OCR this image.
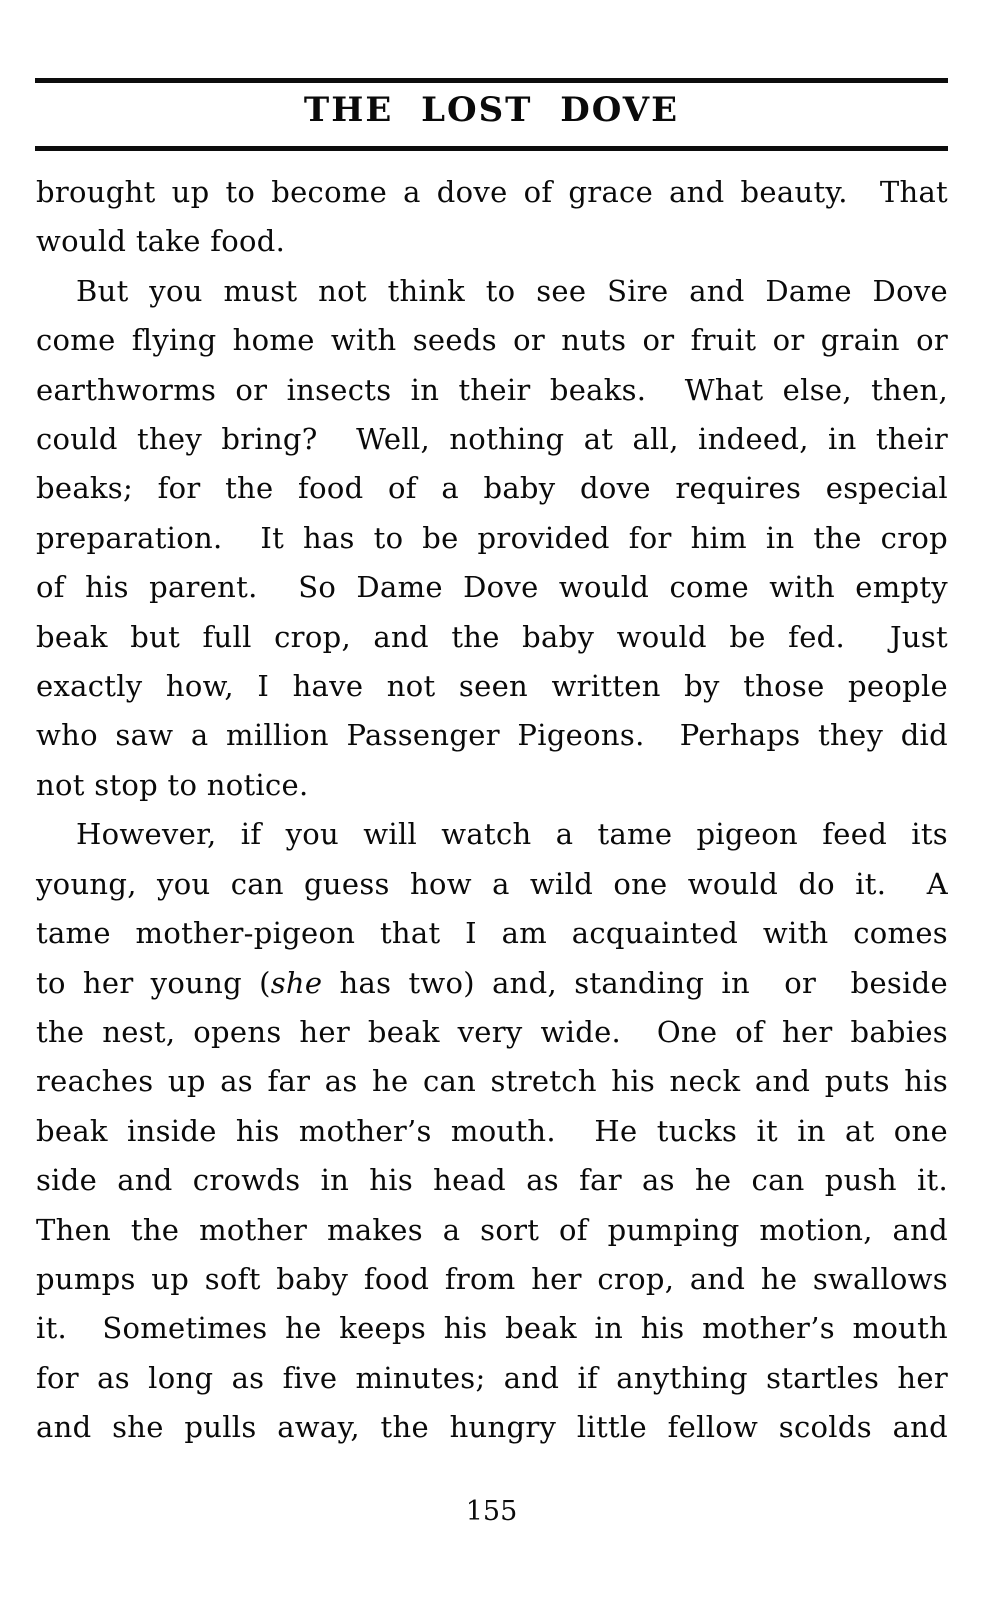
THE LOST DOVE
brought up to become a dove of grace and beauty.  That
would take food.
But you must not think to see Sire and Dame Dove
come flying home with seeds or nuts or fruit or grain or
earthworms or insects in their beaks.  What else, then,
could they bring?  Well, nothing at all, indeed, in their
beaks; for the food of a baby dove requires especial
preparation.  It has to be provided for him in the crop
of his parent.  So Dame Dove would come with empty
beak but full crop, and the baby would be fed.  Just
exactly how, I have not seen written by those people
who saw a million Passenger Pigeons.  Perhaps they did
not stop to notice.
However, if you will watch a tame pigeon feed its
young, you can guess how a wild one would do it.  A
tame mother-pigeon that I am acquainted with comes
to her young (she has two) and, standing in  or  beside
the nest, opens her beak very wide.  One of her babies
reaches up as far as he can stretch his neck and puts his
beak inside his mother’s mouth.  He tucks it in at one
side and crowds in his head as far as he can push it.
Then the mother makes a sort of pumping motion, and
pumps up soft baby food from her crop, and he swallows
it.  Sometimes he keeps his beak in his mother’s mouth
for as long as five minutes; and if anything startles her
and she pulls away, the hungry little fellow scolds and
155
